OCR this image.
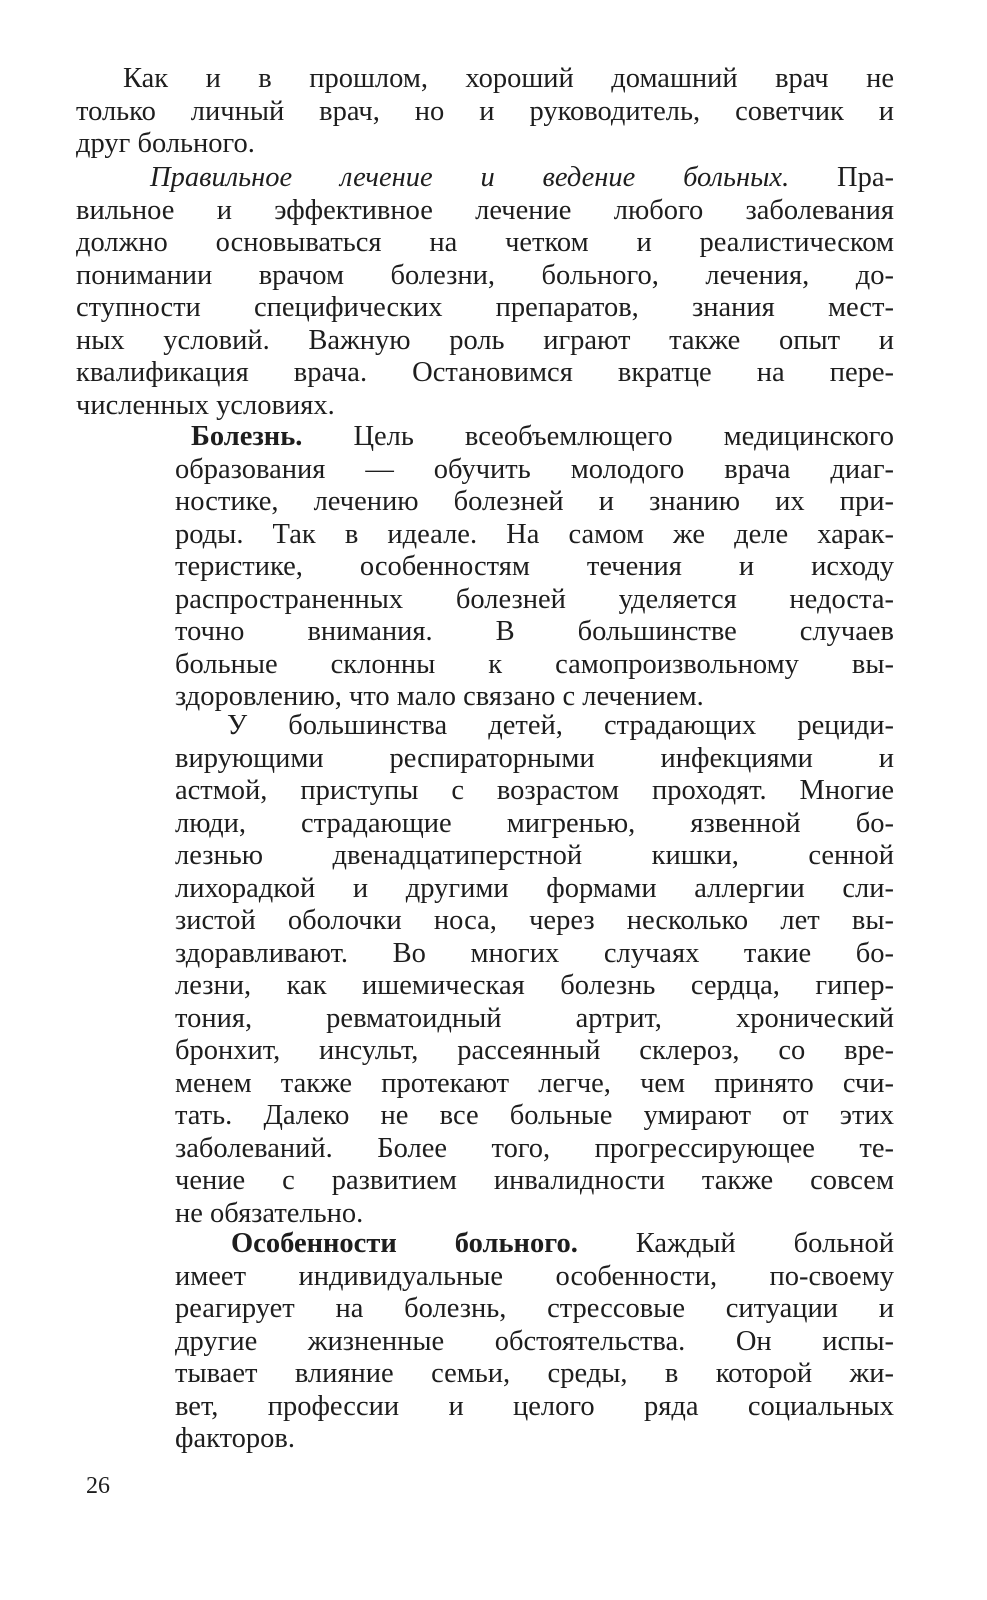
Как и в прошлом, хороший домашний врач не
только личный врач, но и руководитель, советчик и
друг больного.
Правильное лечение и ведение больных. Пра-
вильное и эффективное лечение любого заболевания
должно основываться на четком и реалистическом
понимании врачом болезни, больного, лечения, до-
ступности специфических препаратов, знания мест-
ных условий. Важную роль играют также опыт и
квалификация врача. Остановимся вкратце на пере-
численных условиях.
Болезнь. Цель всеобъемлющего медицинского
образования — обучить молодого врача диаг-
ностике, лечению болезней и знанию их при-
роды. Так в идеале. На самом же деле харак-
теристике, особенностям течения и исходу
распространенных болезней уделяется недоста-
точно внимания. В большинстве случаев
больные склонны к самопроизвольному вы-
здоровлению, что мало связано с лечением.
У большинства детей, страдающих рециди-
вирующими респираторными инфекциями и
астмой, приступы с возрастом проходят. Многие
люди, страдающие мигренью, язвенной бо-
лезнью двенадцатиперстной кишки, сенной
лихорадкой и другими формами аллергии сли-
зистой оболочки носа, через несколько лет вы-
здоравливают. Во многих случаях такие бо-
лезни, как ишемическая болезнь сердца, гипер-
тония, ревматоидный артрит, хронический
бронхит, инсульт, рассеянный склероз, со вре-
менем также протекают легче, чем принято счи-
тать. Далеко не все больные умирают от этих
заболеваний. Более того, прогрессирующее те-
чение с развитием инвалидности также совсем
не обязательно.
Особенности больного. Каждый больной
имеет индивидуальные особенности, по-своему
реагирует на болезнь, стрессовые ситуации и
другие жизненные обстоятельства. Он испы-
тывает влияние семьи, среды, в которой жи-
вет, профессии и целого ряда социальных
факторов.
26
